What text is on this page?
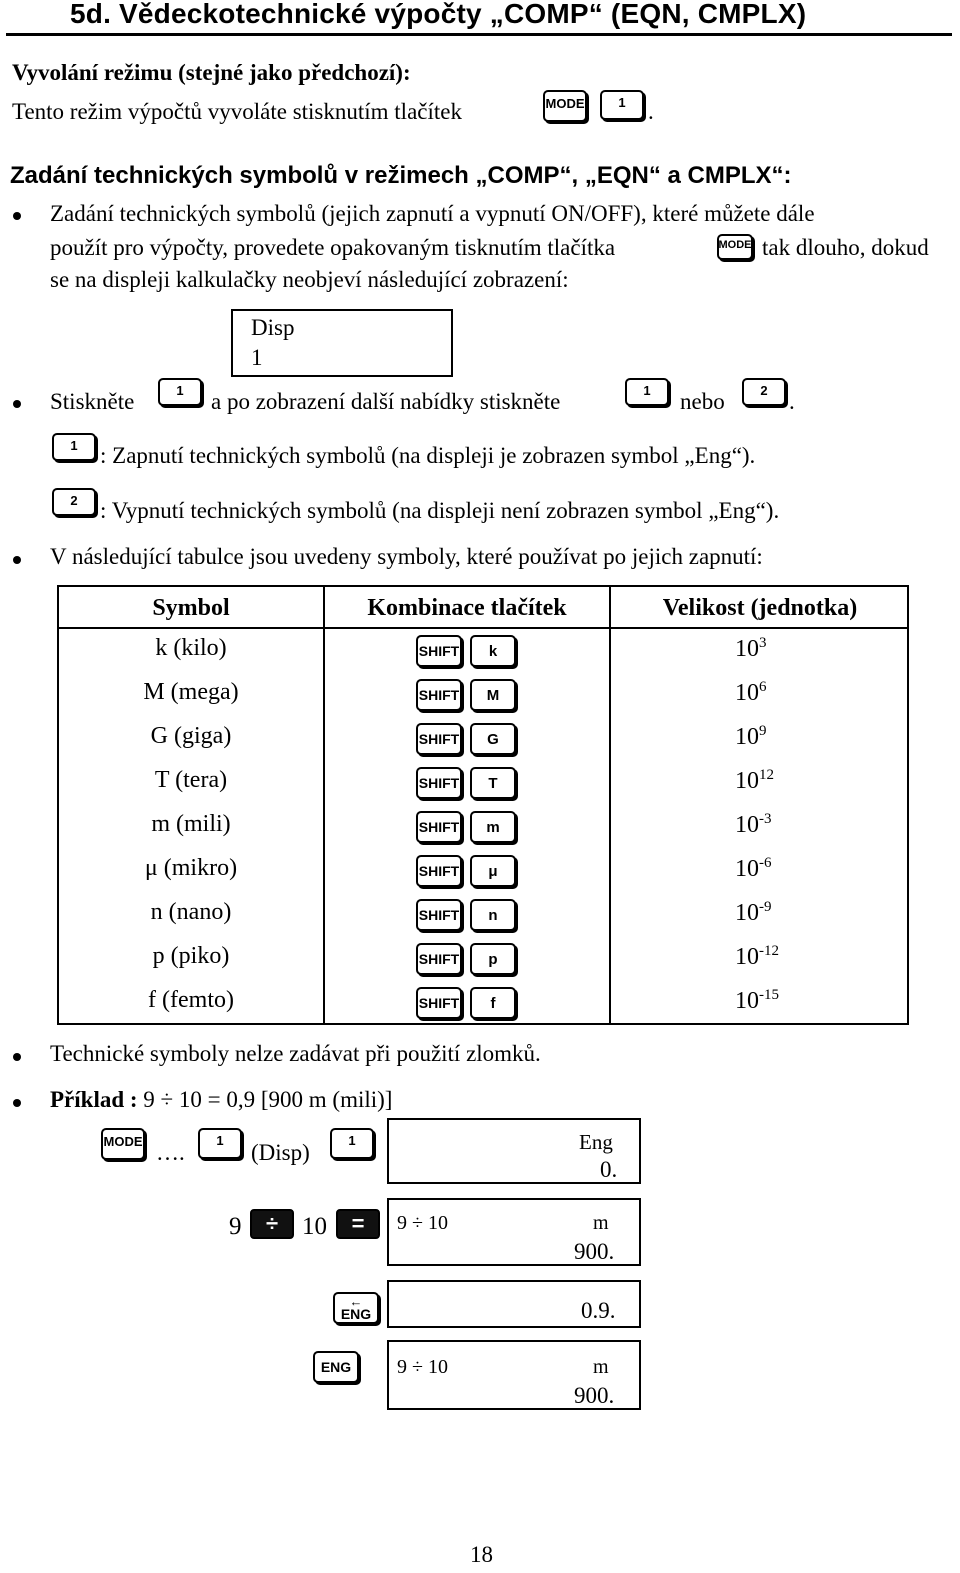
5d. Vědeckotechnické výpočty „COMP“ (EQN, CMPLX)
Vyvolání režimu (stejné jako předchozí):
Tento režim výpočtů vyvoláte stisknutím tlačítek	MODE	1 .
Zadání technických symbolů v režimech „COMP“, „EQN“ a CMPLX“:
Zadání technických symbolů (jejich zapnutí a vypnutí ON/OFF), které můžete dále
použít pro výpočty, provedete opakovaným tisknutím tlačítka	MODE tak dlouho, dokud
se na displeji kalkulačky neobjeví následující zobrazení:
Disp
1
Stiskněte	1	a po zobrazení další nabídky stiskněte	1	nebo	2 .
1 : Zapnutí technických symbolů (na displeji je zobrazen symbol „Eng“).
2 : Vypnutí technických symbolů (na displeji není zobrazen symbol „Eng“).
V následující tabulce jsou uvedeny symboly, které používat po jejich zapnutí:
Symbol	Kombinace tlačítek	Velikost (jednotka)
k (kilo)	SHIFT	k	$10^3$
M (mega)	SHIFT	M	$10^6$
G (giga)	SHIFT	G	$10^9$
T (tera)	SHIFT	T	$10^{12}$
m (mili)	SHIFT	m	$10^{-3}$
μ (mikro)	SHIFT	μ	$10^{-6}$
n (nano)	SHIFT	n	$10^{-9}$
p (piko)	SHIFT	p	$10^{-12}$
f (femto)	SHIFT	f	$10^{-15}$
Technické symboly nelze zadávat při použití zlomků.
Příklad : 9 ÷ 10 = 0,9 [900 m (mili)]
MODE ….	1	(Disp)	1	Eng
0.
9	÷ 10	=	9 ÷ 10	m
900.
←
ENG	0.9.
ENG	9 ÷ 10	m
900.
18
